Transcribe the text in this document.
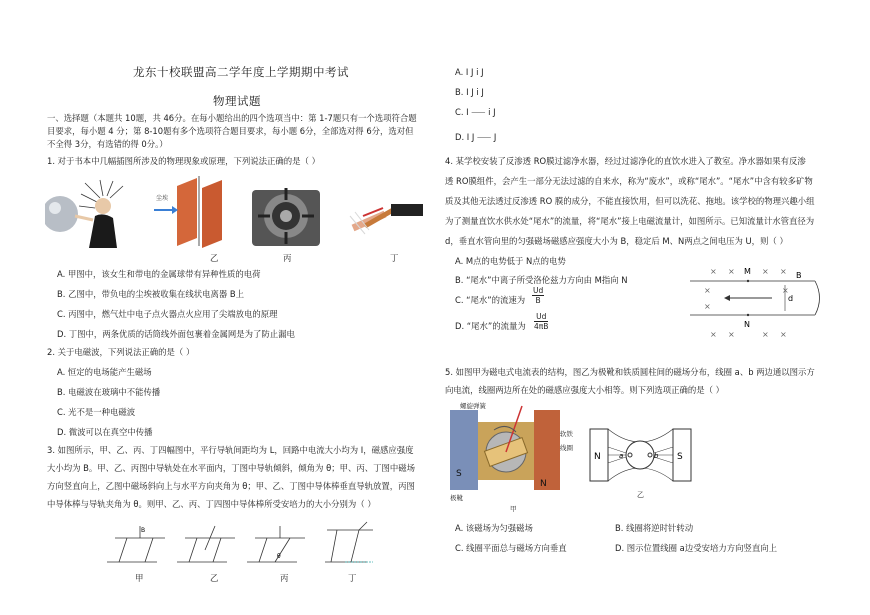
龙东十校联盟高二学年度上学期期中考试
物理试题
一、选择题（本题共 10题，共 46分。在每小题给出的四个选项当中：第 1-7题只有一个选项符合题
目要求，每小题 4 分；第 8-10题有多个选项符合题目要求，每小题 6分，全部选对得 6分，选对但
不全得 3分，有选错的得 0分。）
1. 对于书本中几幅插图所涉及的物理现象或原理，下列说法正确的是（ ）
尘埃
乙	丙	丁
A. 甲图中，该女生和带电的金属球带有异种性质的电荷
B. 乙图中，带负电的尘埃被收集在线状电离器 B上
C. 丙图中，燃气灶中电子点火器点火应用了尖端放电的原理
D. 丁图中，两条优质的话筒线外面包裹着金属网是为了防止漏电
2. 关于电磁波，下列说法正确的是（ ）
A. 恒定的电场能产生磁场
B. 电磁波在玻璃中不能传播
C. 光不是一种电磁波
D. 微波可以在真空中传播
3. 如图所示，甲、乙、丙、丁四幅图中，平行导轨间距均为 L，回路中电流大小均为 I，磁感应强度
大小均为 B。甲、乙、丙图中导轨处在水平面内，丁图中导轨倾斜，倾角为 θ；甲、丙、丁图中磁场
方向竖直向上，乙图中磁场斜向上与水平方向夹角为 θ；甲、乙、丁图中导体棒垂直导轨放置，丙图
中导体棒与导轨夹角为 θ。则甲、乙、丙、丁四图中导体棒所受安培力的大小分别为（ ）
B
θ
甲	乙	丙	丁
A. I J i J
B. I J i J
C. I ⸺ i J
D. I J ⸺ J
4. 某学校安装了反渗透 RO膜过滤净水器，经过过滤净化的直饮水进入了教室。净水器如果有反渗
透 RO膜组件，会产生一部分无法过滤的自来水，称为“废水”，或称“尾水”。“尾水”中含有较多矿物
质及其他无法透过反渗透 RO 膜的成分，不能直接饮用，但可以洗花、拖地。该学校的物理兴趣小组
为了测量直饮水供水处“尾水”的流量，将“尾水”接上电磁流量计，如图所示。已知流量计水管直径为
d，垂直水管向里的匀强磁场磁感应强度大小为 B，稳定后 M、N两点之间电压为 U，则（ ）
A. M点的电势低于 N点的电势
B. “尾水”中离子所受洛伦兹力方向由 M指向 N
C. “尾水”的流速为 $\frac{Ud}{B}$
D. “尾水”的流量为 $\frac{Ud}{4\pi B}$
× ×	× ×
×	×
×
× ×	× ×
M
N
B
d
5. 如图甲为磁电式电流表的结构，图乙为极靴和铁质圆柱间的磁场分布，线圈 a、b 两边通以图示方
向电流，线圈两边所在处的磁感应强度大小相等。则下列选项正确的是（ ）
S
N
螺旋弹簧
软铁
线圈
极靴
甲
N	S
a	b
乙
A. 该磁场为匀强磁场	B. 线圈将逆时针转动
C. 线圈平面总与磁场方向垂直	D. 图示位置线圈 a边受安培力方向竖直向上
